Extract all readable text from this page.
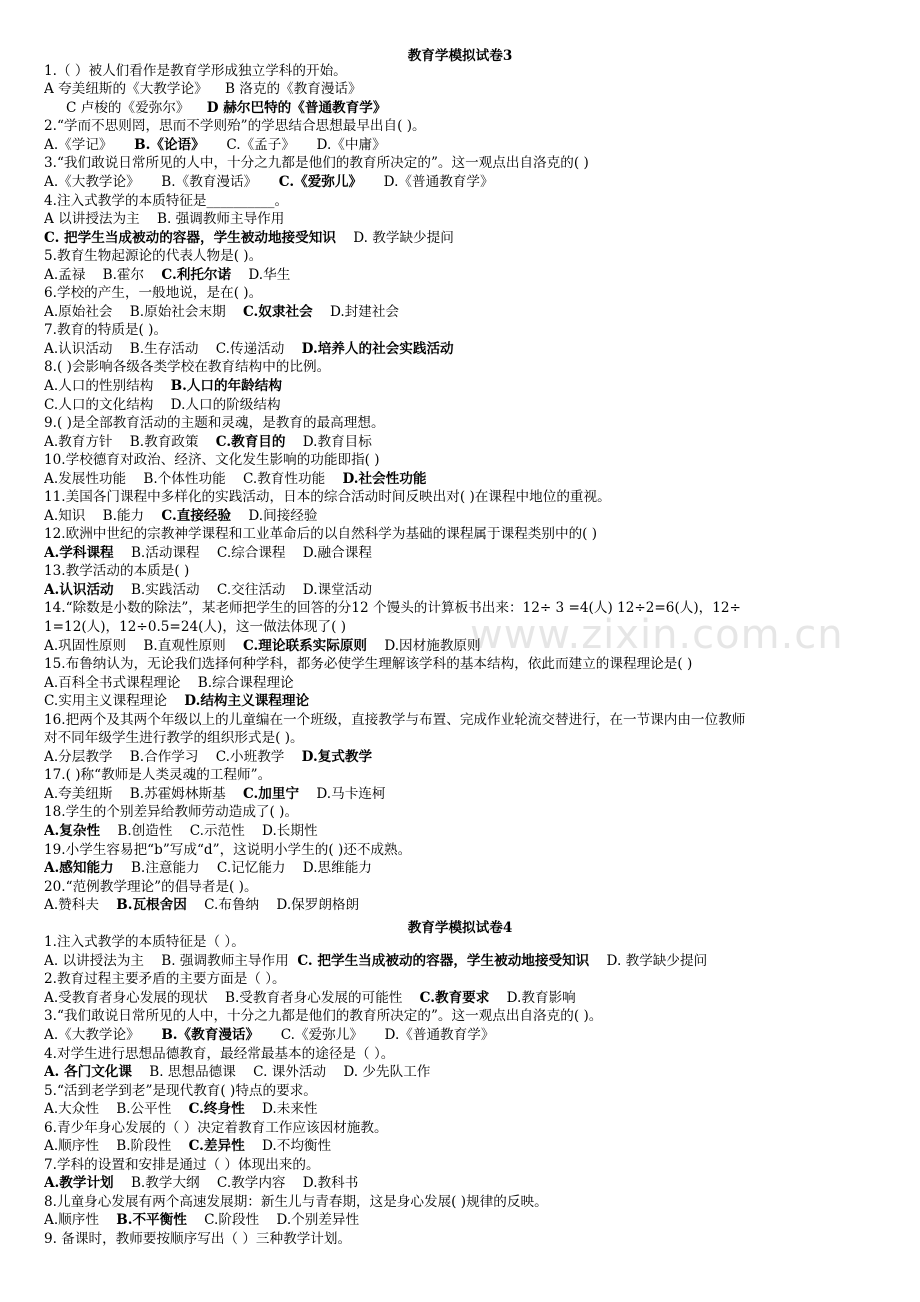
www.zixin.com.cn
教育学模拟试卷3
1.（ ）被人们看作是教育学形成独立学科的开始。
A 夸美纽斯的《大教学论》    B 洛克的《教育漫话》
C 卢梭的《爱弥尔》    D 赫尔巴特的《普通教育学》
2.“学而不思则罔，思而不学则殆”的学思结合思想最早出自( )。
A.《学记》     B.《论语》     C.《孟子》     D.《中庸》
3.“我们敢说日常所见的人中，十分之九都是他们的教育所决定的”。这一观点出自洛克的( )
A.《大教学论》     B.《教育漫话》     C.《爱弥儿》     D.《普通教育学》
4.注入式教学的本质特征是__________。
A 以讲授法为主    B. 强调教师主导作用
C. 把学生当成被动的容器，学生被动地接受知识    D. 教学缺少提问
5.教育生物起源论的代表人物是( )。
A.孟禄    B.霍尔    C.利托尔诺    D.华生
6.学校的产生，一般地说，是在( )。
A.原始社会    B.原始社会末期    C.奴隶社会    D.封建社会
7.教育的特质是( )。
A.认识活动    B.生存活动    C.传递活动    D.培养人的社会实践活动
8.( )会影响各级各类学校在教育结构中的比例。
A.人口的性别结构    B.人口的年龄结构
C.人口的文化结构    D.人口的阶级结构
9.( )是全部教育活动的主题和灵魂，是教育的最高理想。
A.教育方针    B.教育政策    C.教育目的    D.教育目标
10.学校德育对政治、经济、文化发生影响的功能即指( )
A.发展性功能    B.个体性功能    C.教育性功能    D.社会性功能
11.美国各门课程中多样化的实践活动，日本的综合活动时间反映出对( )在课程中地位的重视。
A.知识    B.能力    C.直接经验    D.间接经验
12.欧洲中世纪的宗教神学课程和工业革命后的以自然科学为基础的课程属于课程类别中的( )
A.学科课程    B.活动课程    C.综合课程    D.融合课程
13.教学活动的本质是( )
A.认识活动    B.实践活动    C.交往活动    D.课堂活动
14.“除数是小数的除法”，某老师把学生的回答的分12 个馒头的计算板书出来：12÷ 3 =4(人) 12÷2=6(人)，12÷
1=12(人)，12÷0.5=24(人)，这一做法体现了( )
A.巩固性原则    B.直观性原则    C.理论联系实际原则    D.因材施教原则
15.布鲁纳认为，无论我们选择何种学科，都务必使学生理解该学科的基本结构，依此而建立的课程理论是( )
A.百科全书式课程理论    B.综合课程理论
C.实用主义课程理论    D.结构主义课程理论
16.把两个及其两个年级以上的儿童编在一个班级，直接教学与布置、完成作业轮流交替进行，在一节课内由一位教师
对不同年级学生进行教学的组织形式是( )。
A.分层教学    B.合作学习    C.小班教学    D.复式教学
17.( )称“教师是人类灵魂的工程师”。
A.夸美纽斯    B.苏霍姆林斯基    C.加里宁    D.马卡连柯
18.学生的个别差异给教师劳动造成了( )。
A.复杂性    B.创造性    C.示范性    D.长期性
19.小学生容易把“b”写成“d”，这说明小学生的( )还不成熟。
A.感知能力    B.注意能力    C.记忆能力    D.思维能力
20.“范例教学理论”的倡导者是( )。
A.赞科夫    B.瓦根舍因    C.布鲁纳    D.保罗朗格朗
教育学模拟试卷4
1.注入式教学的本质特征是（ ）。
A. 以讲授法为主    B. 强调教师主导作用  C. 把学生当成被动的容器，学生被动地接受知识    D. 教学缺少提问
2.教育过程主要矛盾的主要方面是（ ）。
A.受教育者身心发展的现状    B.受教育者身心发展的可能性    C.教育要求    D.教育影响
3.“我们敢说日常所见的人中，十分之九都是他们的教育所决定的”。这一观点出自洛克的( )。
A.《大教学论》     B.《教育漫话》     C.《爱弥儿》     D.《普通教育学》
4.对学生进行思想品德教育，最经常最基本的途径是（ ）。
A. 各门文化课    B. 思想品德课    C. 课外活动    D. 少先队工作
5.“活到老学到老”是现代教育( )特点的要求。
A.大众性    B.公平性    C.终身性    D.未来性
6.青少年身心发展的（ ）决定着教育工作应该因材施教。
A.顺序性    B.阶段性    C.差异性    D.不均衡性
7.学科的设置和安排是通过（ ）体现出来的。
A.教学计划    B.教学大纲    C.教学内容    D.教科书
8.儿童身心发展有两个高速发展期：新生儿与青春期，这是身心发展( )规律的反映。
A.顺序性    B.不平衡性    C.阶段性    D.个别差异性
9. 备课时，教师要按顺序写出（ ）三种教学计划。
